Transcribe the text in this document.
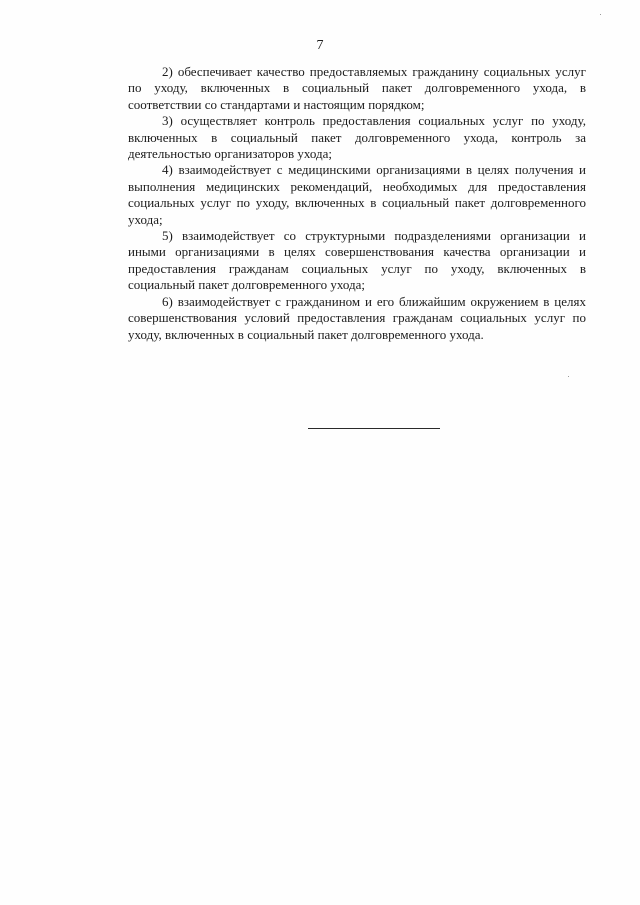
7

2) обеспечивает качество предоставляемых гражданину социальных услуг по уходу, включенных в социальный пакет долговременного ухода, в соответствии со стандартами и настоящим порядком;

3) осуществляет контроль предоставления социальных услуг по уходу, включенных в социальный пакет долговременного ухода, контроль за деятельностью организаторов ухода;

4) взаимодействует с медицинскими организациями в целях получения и выполнения медицинских рекомендаций, необходимых для предоставления социальных услуг по уходу, включенных в социальный пакет долговременного ухода;

5) взаимодействует со структурными подразделениями организации и иными организациями в целях совершенствования качества организации и предоставления гражданам социальных услуг по уходу, включенных в социальный пакет долговременного ухода;

6) взаимодействует с гражданином и его ближайшим окружением в целях совершенствования условий предоставления гражданам социальных услуг по уходу, включенных в социальный пакет долговременного ухода.
